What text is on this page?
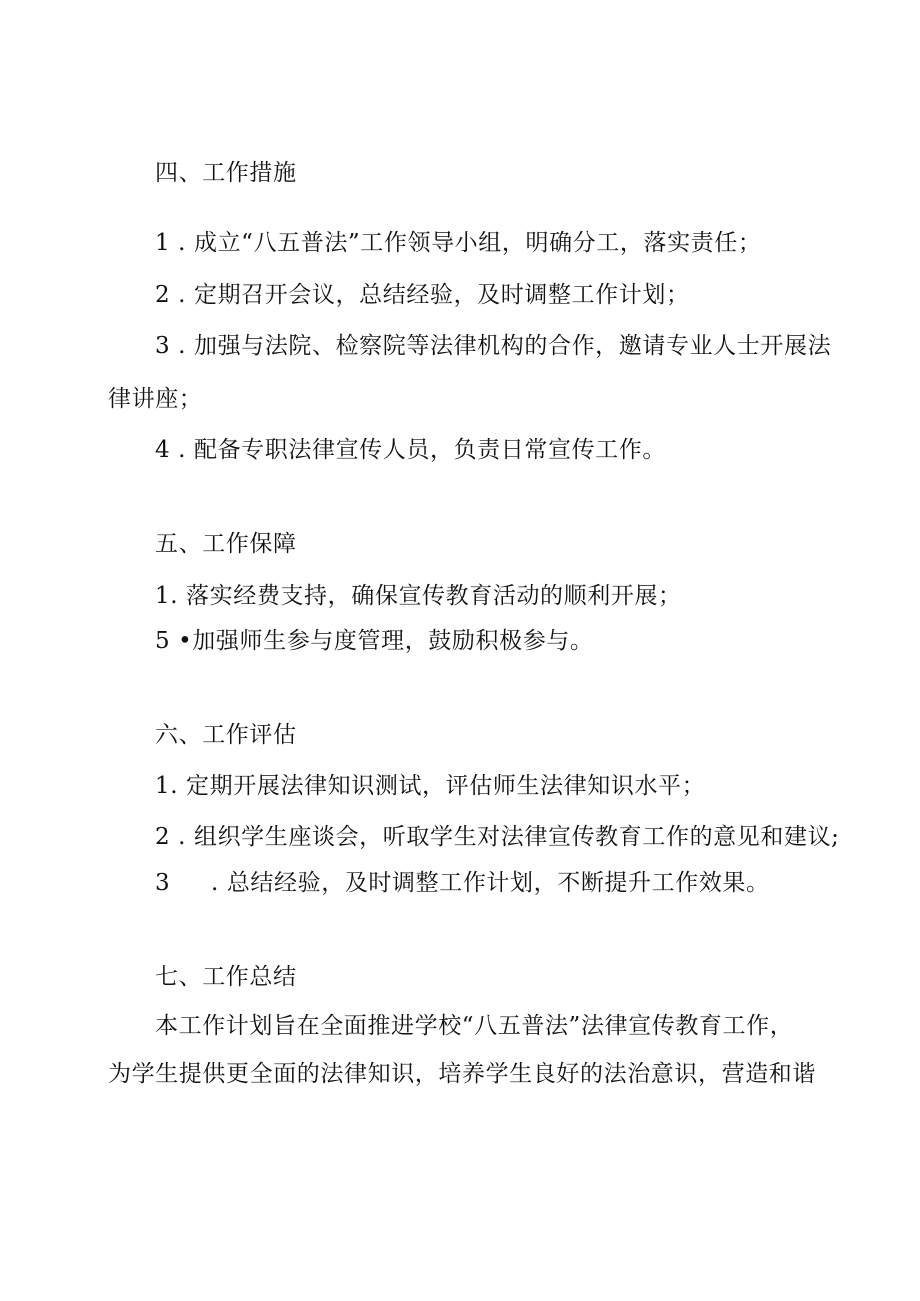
四、工作措施
1 . 成立“八五普法”工作领导小组，明确分工，落实责任；
2 . 定期召开会议，总结经验，及时调整工作计划；
3 . 加强与法院、检察院等法律机构的合作，邀请专业人士开展法
律讲座；
4 . 配备专职法律宣传人员，负责日常宣传工作。
五、工作保障
1. 落实经费支持，确保宣传教育活动的顺利开展；
5 •加强师生参与度管理，鼓励积极参与。
六、工作评估
1. 定期开展法律知识测试，评估师生法律知识水平；
2 . 组织学生座谈会，听取学生对法律宣传教育工作的意见和建议;
3 . 总结经验，及时调整工作计划，不断提升工作效果。
七、工作总结
本工作计划旨在全面推进学校“八五普法”法律宣传教育工作，
为学生提供更全面的法律知识，培养学生良好的法治意识，营造和谐
